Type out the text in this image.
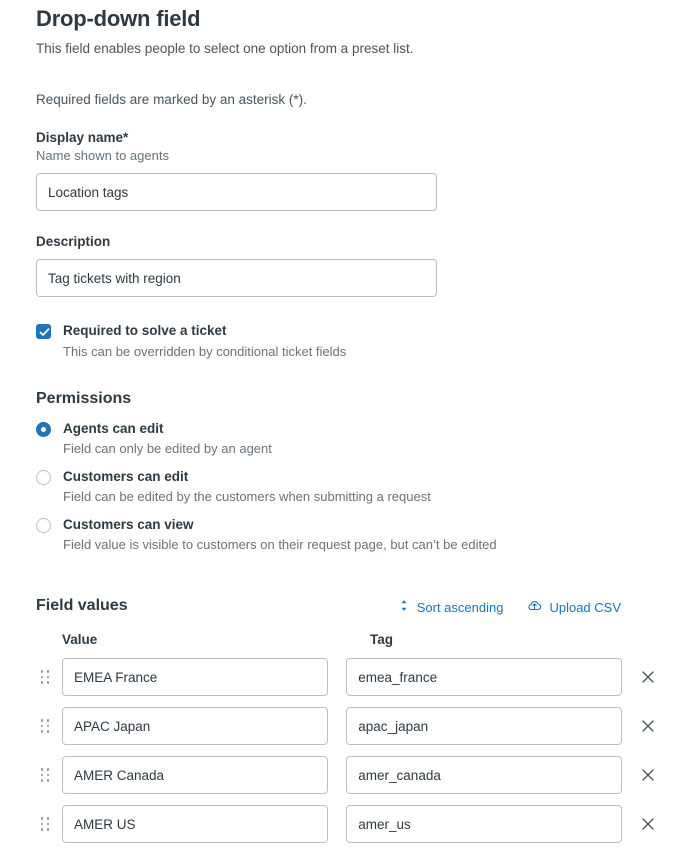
Drop-down field
This field enables people to select one option from a preset list.
Required fields are marked by an asterisk (*).
Display name*
Name shown to agents
Location tags
Description
Tag tickets with region
Required to solve a ticket
This can be overridden by conditional ticket fields
Permissions
Agents can edit
Field can only be edited by an agent
Customers can edit
Field can be edited by the customers when submitting a request
Customers can view
Field value is visible to customers on their request page, but can’t be edited
Field values	Sort ascending	Upload CSV
Value	Tag
EMEA France	emea_france
APAC Japan	apac_japan
AMER Canada	amer_canada
AMER US	amer_us
